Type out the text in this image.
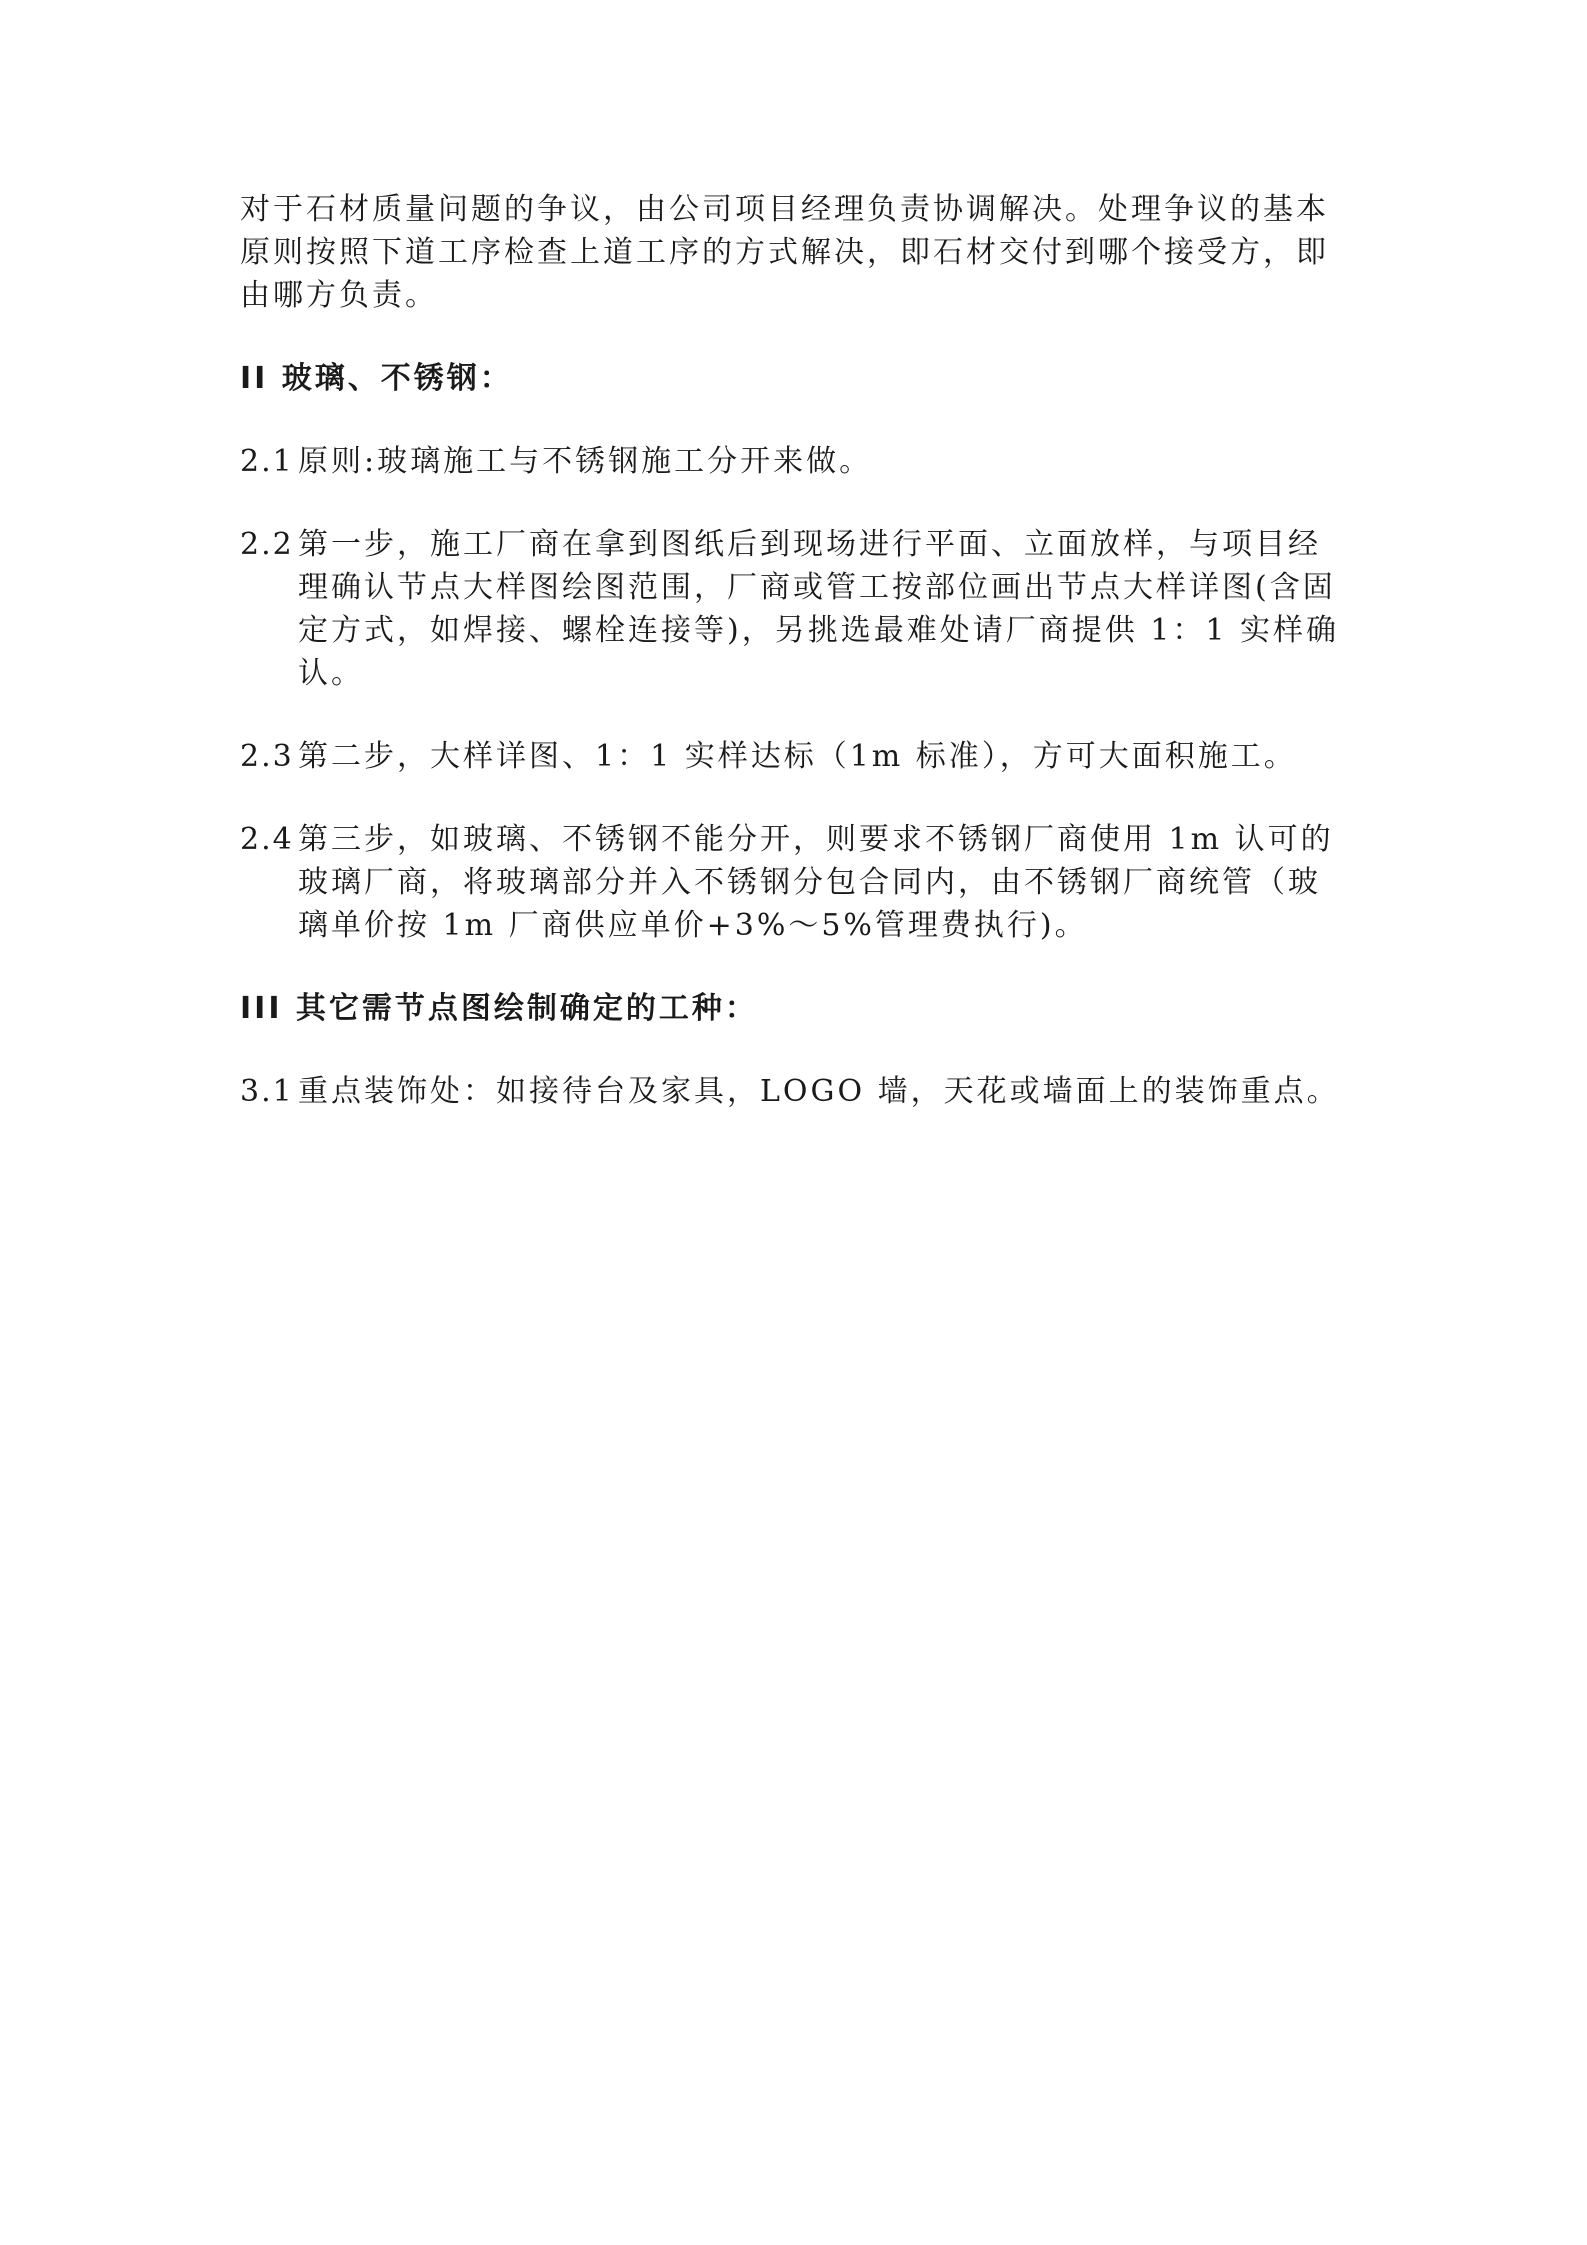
对于石材质量问题的争议，由公司项目经理负责协调解决。处理争议的基本原则按照下道工序检查上道工序的方式解决，即石材交付到哪个接受方，即由哪方负责。

II 玻璃、不锈钢：

2.1 原则:玻璃施工与不锈钢施工分开来做。
2.2 第一步，施工厂商在拿到图纸后到现场进行平面、立面放样，与项目经理确认节点大样图绘图范围，厂商或管工按部位画出节点大样详图(含固定方式，如焊接、螺栓连接等)，另挑选最难处请厂商提供 1：1 实样确认。
2.3 第二步，大样详图、1：1 实样达标（1m 标准），方可大面积施工。
2.4 第三步，如玻璃、不锈钢不能分开，则要求不锈钢厂商使用 1m 认可的玻璃厂商，将玻璃部分并入不锈钢分包合同内，由不锈钢厂商统管（玻璃单价按 1m 厂商供应单价+3%～5%管理费执行)。

III 其它需节点图绘制确定的工种：

3.1 重点装饰处：如接待台及家具，LOGO 墙，天花或墙面上的装饰重点。
